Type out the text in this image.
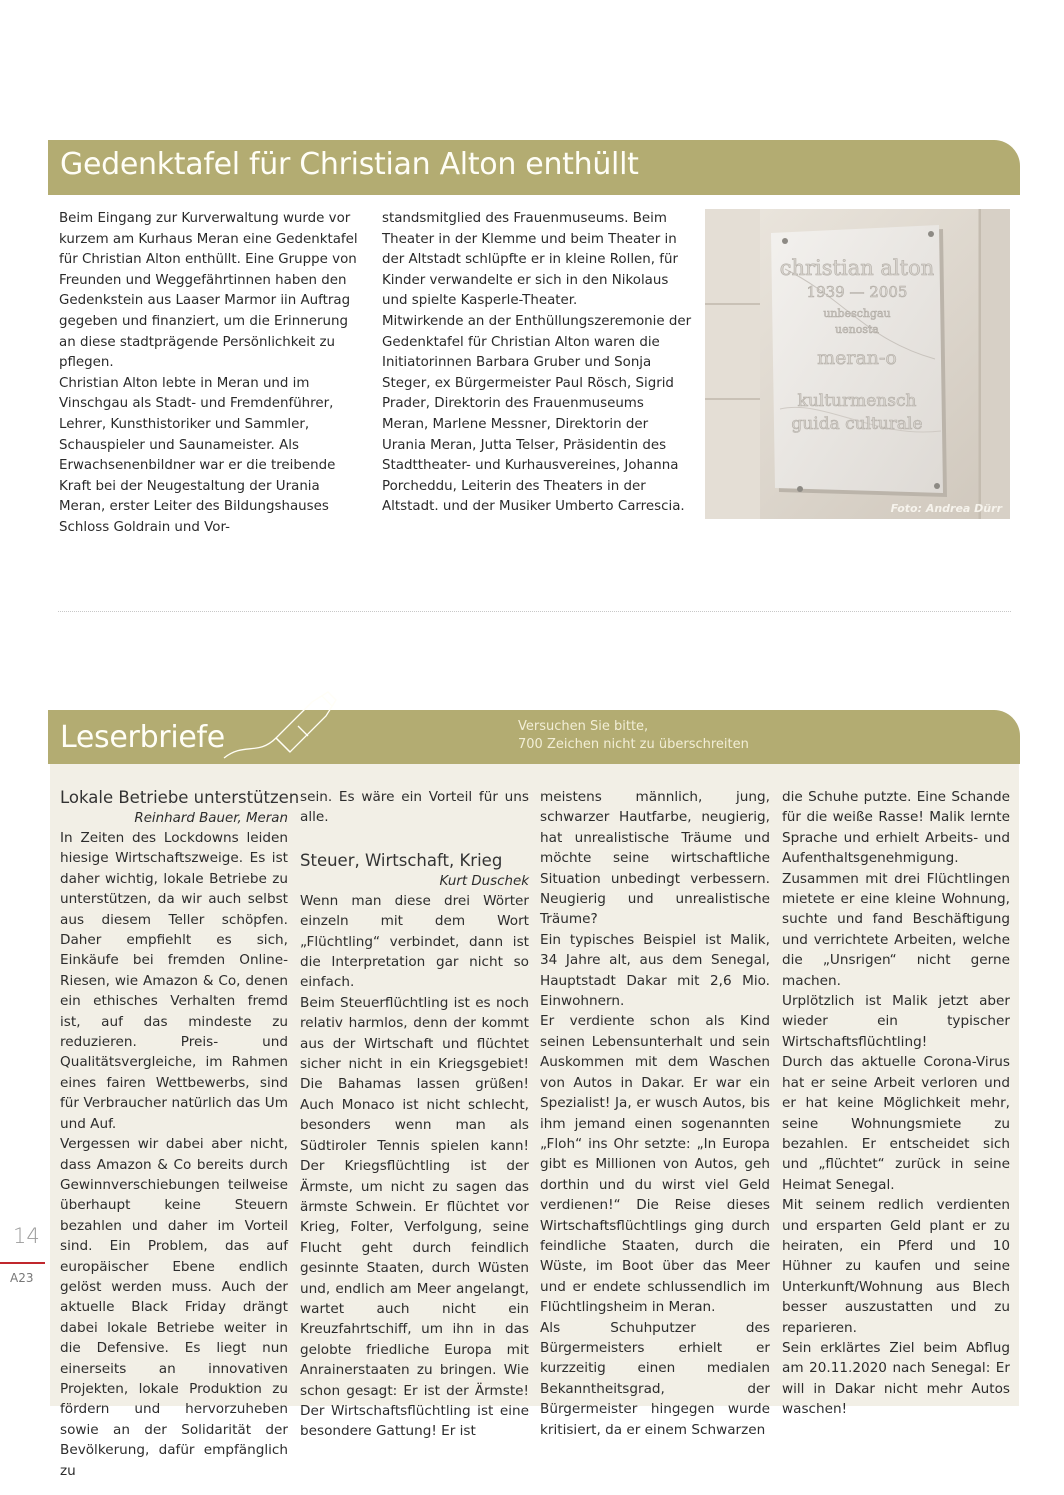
Gedenktafel für Christian Alton enthüllt

Beim Eingang zur Kurverwaltung wurde vor kurzem am Kurhaus Meran eine Gedenktafel für Christian Alton enthüllt. Eine Gruppe von Freunden und Weggefährtinnen haben den Gedenkstein aus Laaser Marmor iin Auftrag gegeben und finanziert, um die Erinnerung an diese stadtprägende Persönlichkeit zu pflegen.

Christian Alton lebte in Meran und im Vinschgau als Stadt- und Fremdenführer, Lehrer, Kunsthistoriker und Sammler, Schauspieler und Saunameister. Als Erwachsenenbildner war er die treibende Kraft bei der Neugestaltung der Urania Meran, erster Leiter des Bildungshauses Schloss Goldrain und Vor-

standsmitglied des Frauenmuseums. Beim Theater in der Klemme und beim Theater in der Altstadt schlüpfte er in kleine Rollen, für Kinder verwandelte er sich in den Nikolaus und spielte Kasperle-Theater.

Mitwirkende an der Enthüllungszeremonie der Gedenktafel für Christian Alton waren die Initiatorinnen Barbara Gruber und Sonja Steger, ex Bürgermeister Paul Rösch, Sigrid Prader, Direktorin des Frauenmuseums Meran, Marlene Messner, Direktorin der Urania Meran, Jutta Telser, Präsidentin des Stadttheater- und Kurhausvereines, Johanna Porcheddu, Leiterin des Theaters in der Altstadt. und der Musiker Umberto Carrescia.

christian alton
1939 — 2005
unbeschgau
uenosta
meran-o
kulturmensch
guida culturale
Foto: Andrea Dürr
Leserbriefe	Versuchen Sie bitte,
700 Zeichen nicht zu überschreiten

Lokale Betriebe unterstützen

Reinhard Bauer, Meran

In Zeiten des Lockdowns leiden hiesige Wirtschaftszweige. Es ist daher wichtig, lokale Betriebe zu unterstützen, da wir auch selbst aus diesem Teller schöpfen. Daher empfiehlt es sich, Einkäufe bei fremden Online-Riesen, wie Amazon & Co, denen ein ethisches Verhalten fremd ist, auf das mindeste zu reduzieren. Preis- und Qualitätsvergleiche, im Rahmen eines fairen Wettbewerbs, sind für Verbraucher natürlich das Um und Auf.

Vergessen wir dabei aber nicht, dass Amazon & Co bereits durch Gewinnverschiebungen teilweise überhaupt keine Steuern bezahlen und daher im Vorteil sind. Ein Problem, das auf europäischer Ebene endlich gelöst werden muss. Auch der aktuelle Black Friday drängt dabei lokale Betriebe weiter in die Defensive. Es liegt nun einerseits an innovativen Projekten, lokale Produktion zu fördern und hervorzuheben sowie an der Solidarität der Bevölkerung, dafür empfänglich zu

sein. Es wäre ein Vorteil für uns alle.

Steuer, Wirtschaft, Krieg

Kurt Duschek

Wenn man diese drei Wörter einzeln mit dem Wort „Flüchtling“ verbindet, dann ist die Interpretation gar nicht so einfach.

Beim Steuerflüchtling ist es noch relativ harmlos, denn der kommt aus der Wirtschaft und flüchtet sicher nicht in ein Kriegsgebiet! Die Bahamas lassen grüßen! Auch Monaco ist nicht schlecht, besonders wenn man als Südtiroler Tennis spielen kann! Der Kriegsflüchtling ist der Ärmste, um nicht zu sagen das ärmste Schwein. Er flüchtet vor Krieg, Folter, Verfolgung, seine Flucht geht durch feindlich gesinnte Staaten, durch Wüsten und, endlich am Meer angelangt, wartet auch nicht ein Kreuzfahrtschiff, um ihn in das gelobte friedliche Europa mit Anrainerstaaten zu bringen. Wie schon gesagt: Er ist der Ärmste! Der Wirtschaftsflüchtling ist eine besondere Gattung! Er ist

meistens männlich, jung, schwarzer Hautfarbe, neugierig, hat unrealistische Träume und möchte seine wirtschaftliche Situation unbedingt verbessern. Neugierig und unrealistische Träume?

Ein typisches Beispiel ist Malik, 34 Jahre alt, aus dem Senegal, Hauptstadt Dakar mit 2,6 Mio. Einwohnern.

Er verdiente schon als Kind seinen Lebensunterhalt und sein Auskommen mit dem Waschen von Autos in Dakar. Er war ein Spezialist! Ja, er wusch Autos, bis ihm jemand einen sogenannten „Floh“ ins Ohr setzte: „In Europa gibt es Millionen von Autos, geh dorthin und du wirst viel Geld verdienen!“ Die Reise dieses Wirtschaftsflüchtlings ging durch feindliche Staaten, durch die Wüste, im Boot über das Meer und er endete schlussendlich im Flüchtlingsheim in Meran.

Als Schuhputzer des Bürgermeisters erhielt er kurzzeitig einen medialen Bekanntheitsgrad, der Bürgermeister hingegen wurde kritisiert, da er einem Schwarzen

die Schuhe putzte. Eine Schande für die weiße Rasse! Malik lernte Sprache und erhielt Arbeits- und Aufenthaltsgenehmigung.

Zusammen mit drei Flüchtlingen mietete er eine kleine Wohnung, suchte und fand Beschäftigung und verrichtete Arbeiten, welche die „Unsrigen“ nicht gerne machen.

Urplötzlich ist Malik jetzt aber wieder ein typischer Wirtschaftsflüchtling!

Durch das aktuelle Corona-Virus hat er seine Arbeit verloren und er hat keine Möglichkeit mehr, seine Wohnungsmiete zu bezahlen. Er entscheidet sich und „flüchtet“ zurück in seine Heimat Senegal.

Mit seinem redlich verdienten und ersparten Geld plant er zu heiraten, ein Pferd und 10 Hühner zu kaufen und seine Unterkunft/Wohnung aus Blech besser auszustatten und zu reparieren.

Sein erklärtes Ziel beim Abflug am 20.11.2020 nach Senegal: Er will in Dakar nicht mehr Autos waschen!

14
A23
